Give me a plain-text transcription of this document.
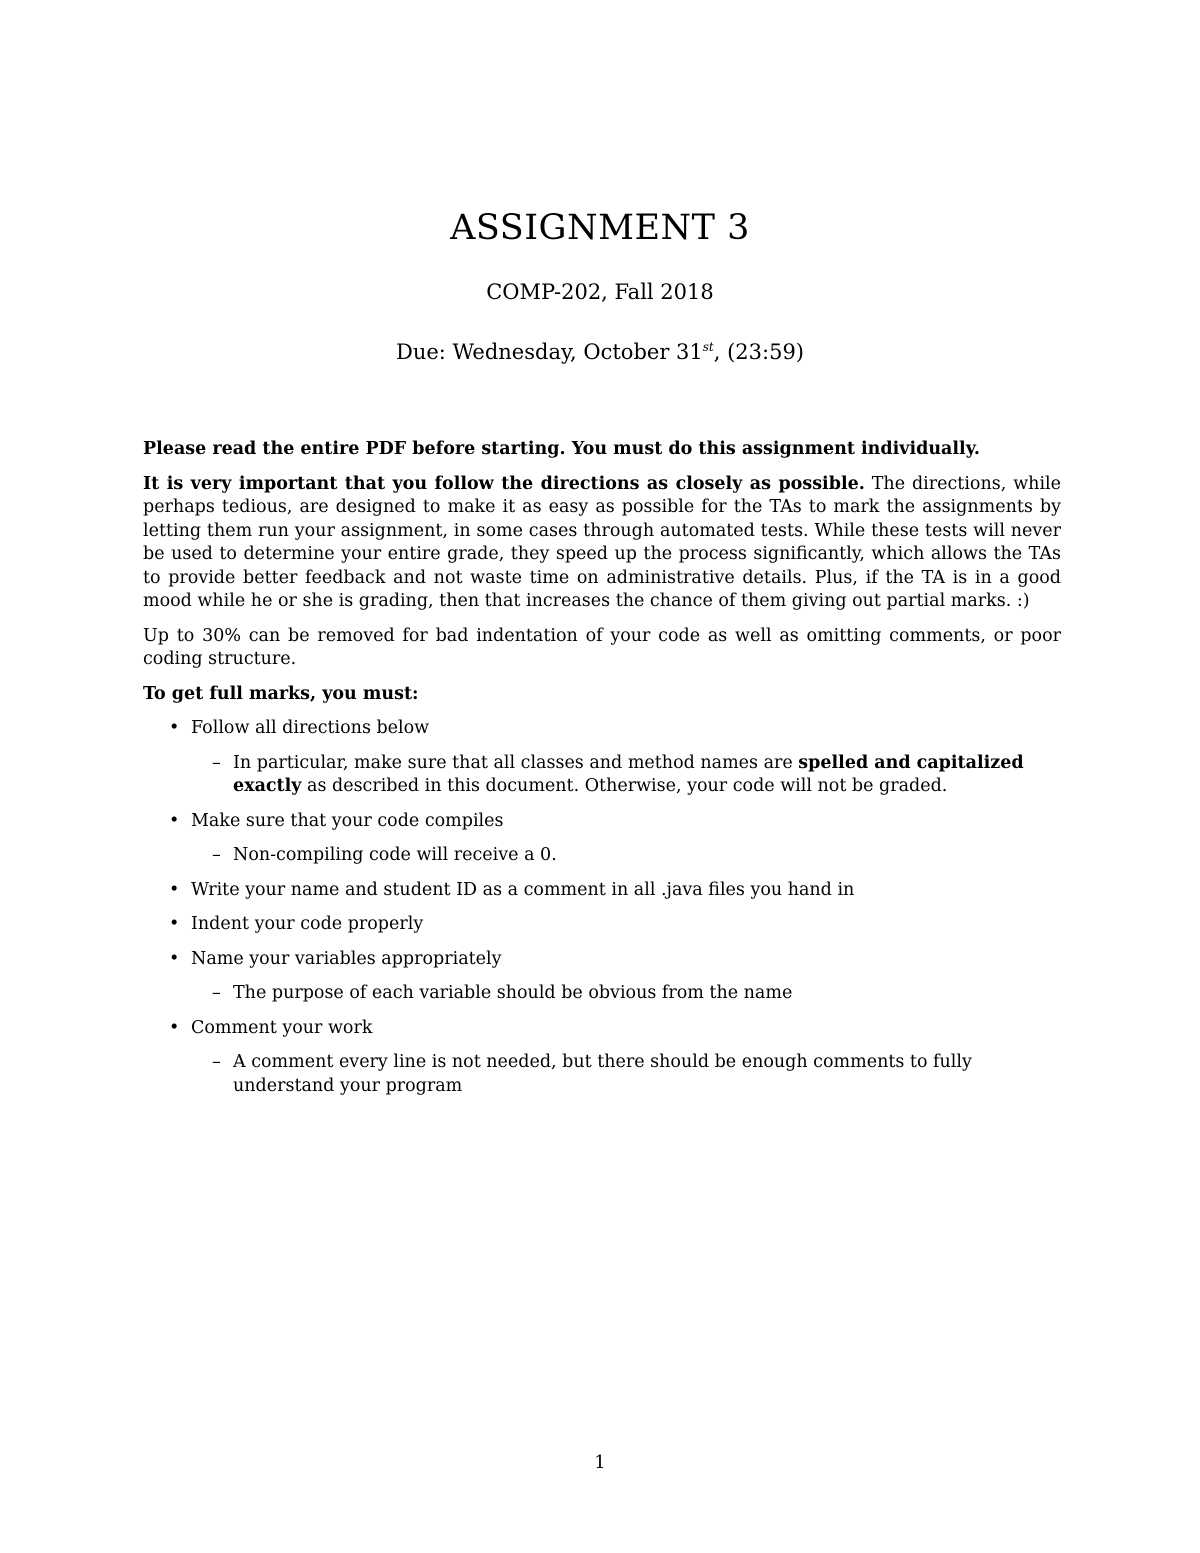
ASSIGNMENT 3
COMP-202, Fall 2018
Due: Wednesday, October 31st, (23:59)

Please read the entire PDF before starting. You must do this assignment individually.

It is very important that you follow the directions as closely as possible. The directions, while perhaps tedious, are designed to make it as easy as possible for the TAs to mark the assignments by letting them run your assignment, in some cases through automated tests. While these tests will never be used to determine your entire grade, they speed up the process significantly, which allows the TAs to provide better feedback and not waste time on administrative details. Plus, if the TA is in a good mood while he or she is grading, then that increases the chance of them giving out partial marks. :)

Up to 30% can be removed for bad indentation of your code as well as omitting comments, or poor coding structure.

To get full marks, you must:

• Follow all directions below
– In particular, make sure that all classes and method names are spelled and capitalized exactly as described in this document. Otherwise, your code will not be graded.
• Make sure that your code compiles
– Non-compiling code will receive a 0.
• Write your name and student ID as a comment in all .java files you hand in
• Indent your code properly
• Name your variables appropriately
– The purpose of each variable should be obvious from the name
• Comment your work
– A comment every line is not needed, but there should be enough comments to fully understand your program
1
